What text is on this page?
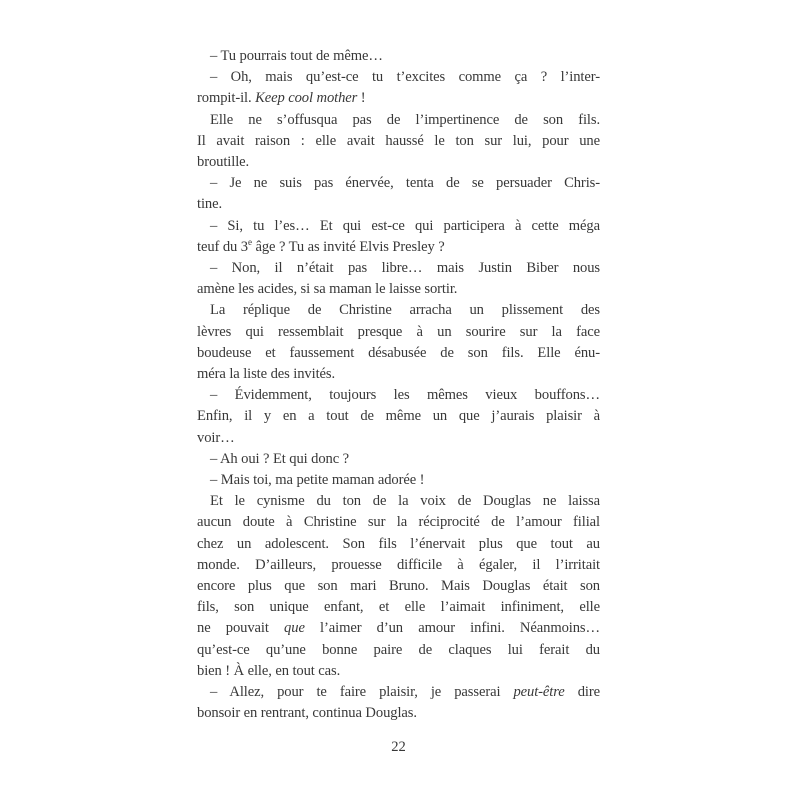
– Tu pourrais tout de même…
– Oh, mais qu’est-ce tu t’excites comme ça ? l’inter-
rompit-il. Keep cool mother !
Elle ne s’offusqua pas de l’impertinence de son fils.
Il avait raison : elle avait haussé le ton sur lui, pour une
broutille.
– Je ne suis pas énervée, tenta de se persuader Chris-
tine.
– Si, tu l’es… Et qui est-ce qui participera à cette méga
teuf du 3e âge ? Tu as invité Elvis Presley ?
– Non, il n’était pas libre… mais Justin Biber nous
amène les acides, si sa maman le laisse sortir.
La réplique de Christine arracha un plissement des
lèvres qui ressemblait presque à un sourire sur la face
boudeuse et faussement désabusée de son fils. Elle énu-
méra la liste des invités.
– Évidemment, toujours les mêmes vieux bouffons…
Enfin, il y en a tout de même un que j’aurais plaisir à
voir…
– Ah oui ? Et qui donc ?
– Mais toi, ma petite maman adorée !
Et le cynisme du ton de la voix de Douglas ne laissa
aucun doute à Christine sur la réciprocité de l’amour filial
chez un adolescent. Son fils l’énervait plus que tout au
monde. D’ailleurs, prouesse difficile à égaler, il l’irritait
encore plus que son mari Bruno. Mais Douglas était son
fils, son unique enfant, et elle l’aimait infiniment, elle
ne pouvait que l’aimer d’un amour infini. Néanmoins…
qu’est-ce qu’une bonne paire de claques lui ferait du
bien ! À elle, en tout cas.
– Allez, pour te faire plaisir, je passerai peut-être dire
bonsoir en rentrant, continua Douglas.
22
